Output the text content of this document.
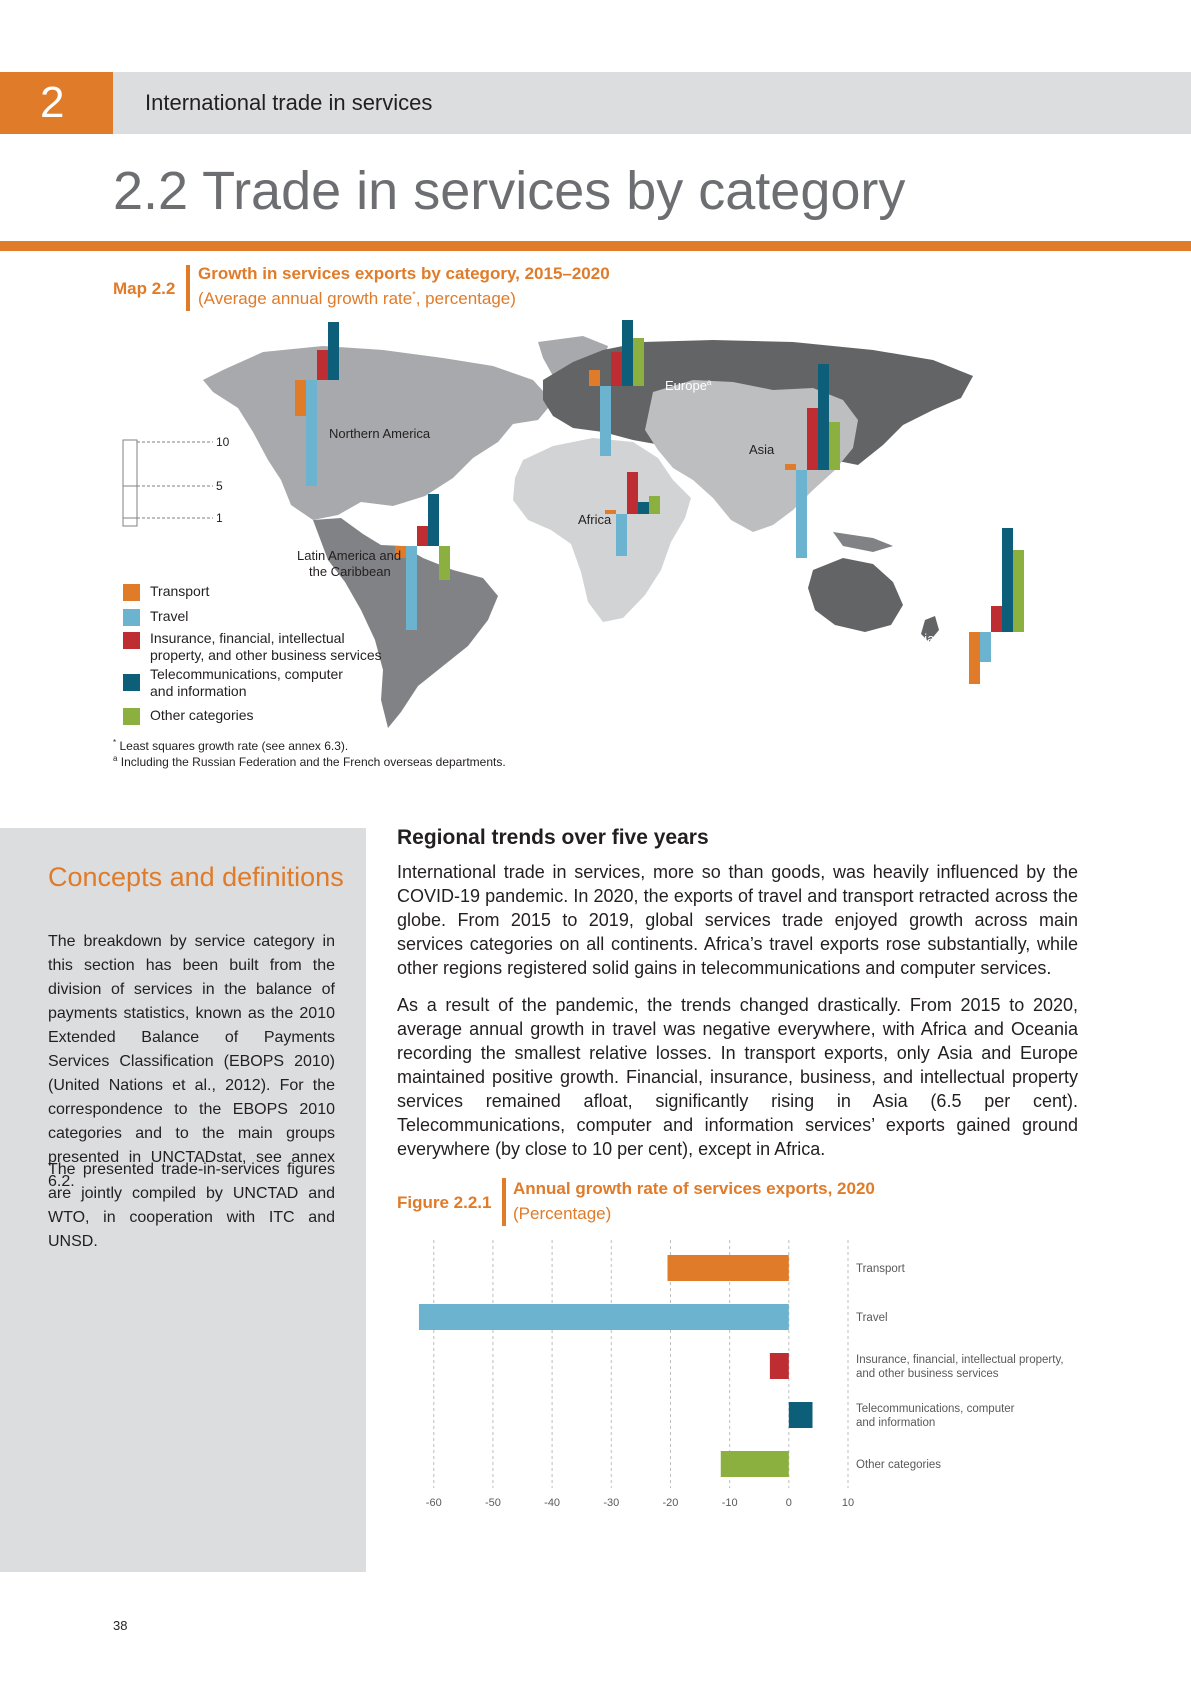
2	International trade in services
2.2 Trade in services by category
Map 2.2
Growth in services exports by category, 2015–2020
(Average annual growth rate*, percentage)
10
5
1
Northern America
Latin America and
the Caribbean
Europe$^a$
Asia
Africa
Oceania
Transport
Travel
Insurance, financial, intellectual
property, and other business services
Telecommunications, computer
and information
Other categories
* Least squares growth rate (see annex 6.3).
$^a$ Including the Russian Federation and the French overseas departments.
Concepts and definitions
The breakdown by service category in this section has been built from the division of services in the balance of payments statistics, known as the 2010 Extended Balance of Payments Services Classification (EBOPS 2010) (United Nations et al., 2012). For the correspondence to the EBOPS 2010 categories and to the main groups presented in UNCTADstat, see annex 6.2.
The presented trade-in-services figures are jointly compiled by UNCTAD and WTO, in cooperation with ITC and UNSD.
Regional trends over five years
International trade in services, more so than goods, was heavily influenced by the COVID-19 pandemic. In 2020, the exports of travel and transport retracted across the globe. From 2015 to 2019, global services trade enjoyed growth across main services categories on all continents. Africa’s travel exports rose substantially, while other regions registered solid gains in telecommunications and computer services.
As a result of the pandemic, the trends changed drastically. From 2015 to 2020, average annual growth in travel was negative everywhere, with Africa and Oceania recording the smallest relative losses. In transport exports, only Asia and Europe maintained positive growth. Financial, insurance, business, and intellectual property services remained afloat, significantly rising in Asia (6.5 per cent). Telecommunications, computer and information services’ exports gained ground everywhere (by close to 10 per cent), except in Africa.
Figure 2.2.1
Annual growth rate of services exports, 2020
(Percentage)
-60	-50	-40	-30	-20	-10	0	10
Transport
Travel
Insurance, financial, intellectual property,
and other business services
Telecommunications, computer
and information
Other categories
38
